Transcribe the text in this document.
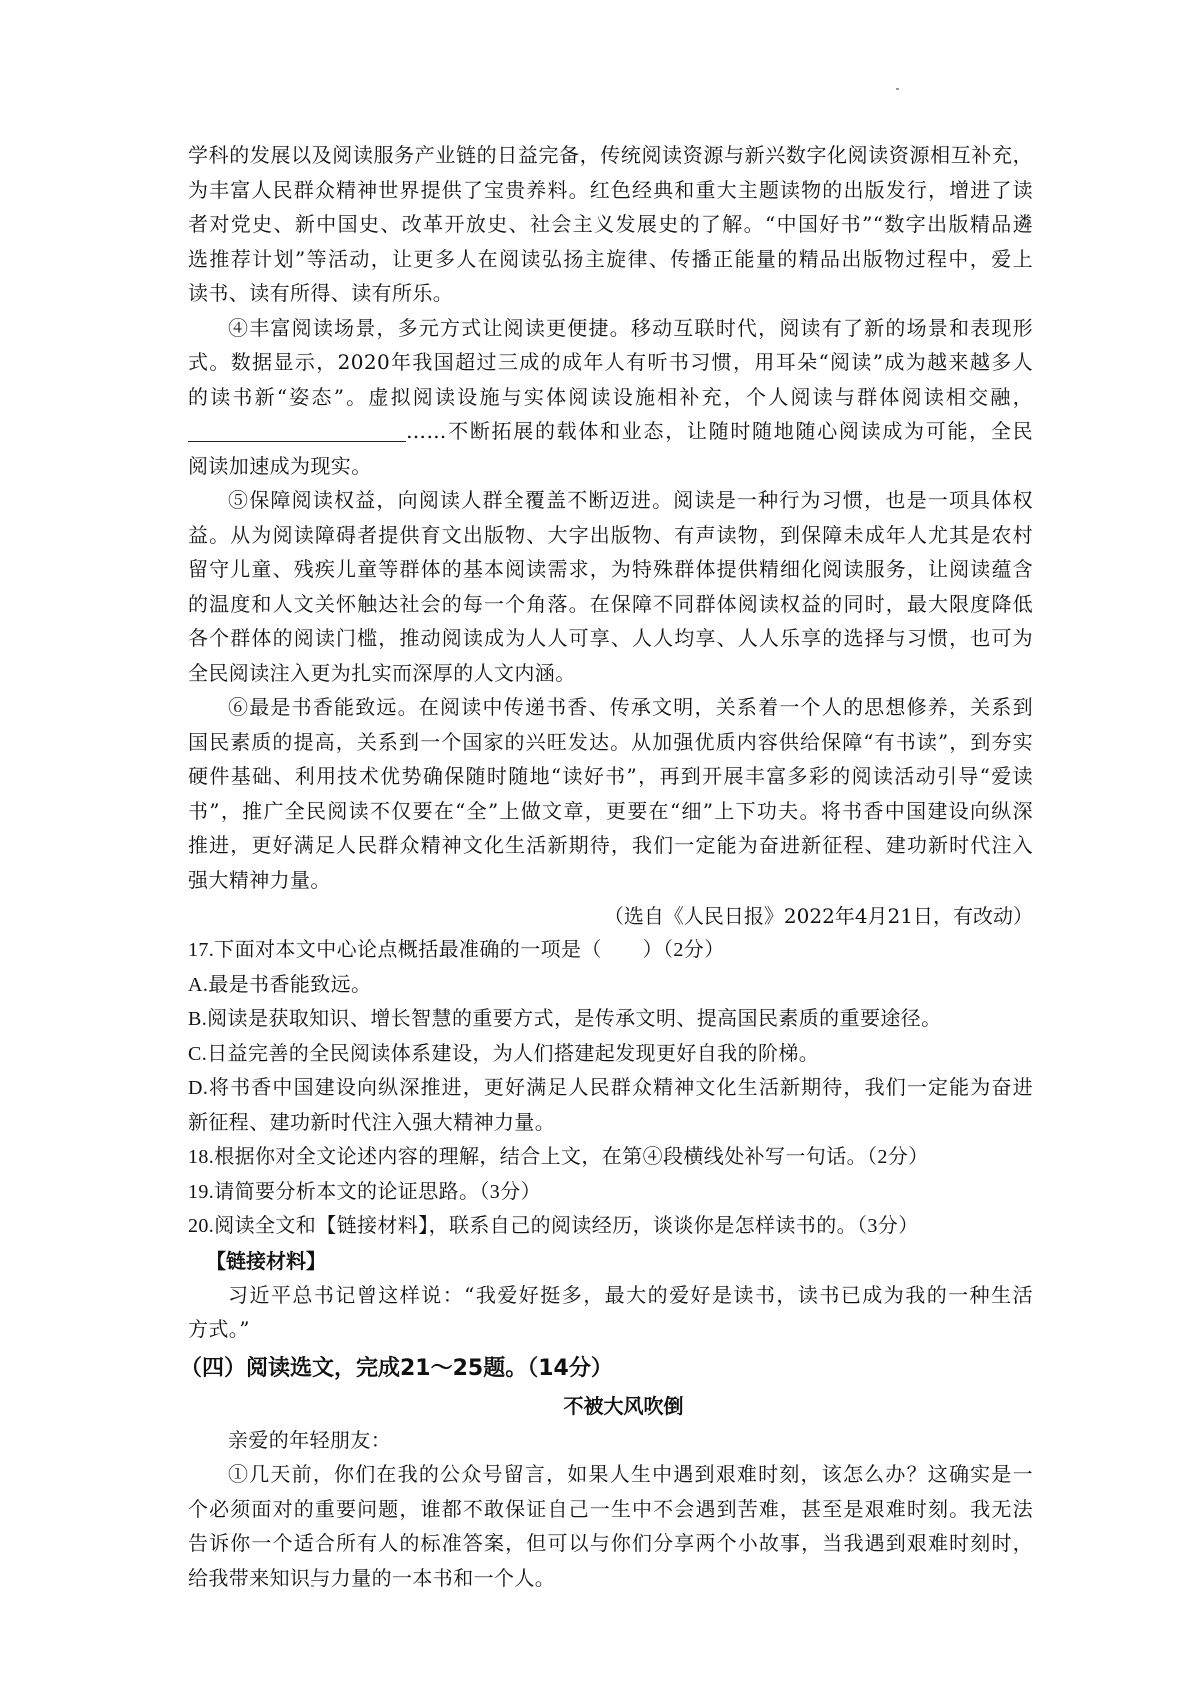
学科的发展以及阅读服务产业链的日益完备，传统阅读资源与新兴数字化阅读资源相互补充，
为丰富人民群众精神世界提供了宝贵养料。红色经典和重大主题读物的出版发行，增进了读
者对党史、新中国史、改革开放史、社会主义发展史的了解。“中国好书”“数字出版精品遴
选推荐计划”等活动，让更多人在阅读弘扬主旋律、传播正能量的精品出版物过程中，爱上
读书、读有所得、读有所乐。
④丰富阅读场景，多元方式让阅读更便捷。移动互联时代，阅读有了新的场景和表现形
式。数据显示，2020年我国超过三成的成年人有听书习惯，用耳朵“阅读”成为越来越多人
的读书新“姿态”。虚拟阅读设施与实体阅读设施相补充，个人阅读与群体阅读相交融，
……不断拓展的载体和业态，让随时随地随心阅读成为可能，全民
阅读加速成为现实。
⑤保障阅读权益，向阅读人群全覆盖不断迈进。阅读是一种行为习惯，也是一项具体权
益。从为阅读障碍者提供育文出版物、大字出版物、有声读物，到保障未成年人尤其是农村
留守儿童、残疾儿童等群体的基本阅读需求，为特殊群体提供精细化阅读服务，让阅读蕴含
的温度和人文关怀触达社会的每一个角落。在保障不同群体阅读权益的同时，最大限度降低
各个群体的阅读门槛，推动阅读成为人人可享、人人均享、人人乐享的选择与习惯，也可为
全民阅读注入更为扎实而深厚的人文内涵。
⑥最是书香能致远。在阅读中传递书香、传承文明，关系着一个人的思想修养，关系到
国民素质的提高，关系到一个国家的兴旺发达。从加强优质内容供给保障“有书读”，到夯实
硬件基础、利用技术优势确保随时随地“读好书”，再到开展丰富多彩的阅读活动引导“爱读
书”，推广全民阅读不仅要在“全”上做文章，更要在“细”上下功夫。将书香中国建设向纵深
推进，更好满足人民群众精神文化生活新期待，我们一定能为奋进新征程、建功新时代注入
强大精神力量。
（选自《人民日报》2022年4月21日，有改动）
17.下面对本文中心论点概括最准确的一项是（　　）（2分）
A.最是书香能致远。
B.阅读是获取知识、增长智慧的重要方式，是传承文明、提高国民素质的重要途径。
C.日益完善的全民阅读体系建设，为人们搭建起发现更好自我的阶梯。
D.将书香中国建设向纵深推进，更好满足人民群众精神文化生活新期待，我们一定能为奋进
新征程、建功新时代注入强大精神力量。
18.根据你对全文论述内容的理解，结合上文，在第④段横线处补写一句话。（2分）
19.请简要分析本文的论证思路。（3分）
20.阅读全文和【链接材料】，联系自己的阅读经历，谈谈你是怎样读书的。（3分）
【链接材料】
习近平总书记曾这样说：“我爱好挺多，最大的爱好是读书，读书已成为我的一种生活
方式。”
（四）阅读选文，完成21～25题。（14分）
不被大风吹倒
亲爱的年轻朋友：
①几天前，你们在我的公众号留言，如果人生中遇到艰难时刻，该怎么办？这确实是一
个必须面对的重要问题，谁都不敢保证自己一生中不会遇到苦难，甚至是艰难时刻。我无法
告诉你一个适合所有人的标准答案，但可以与你们分享两个小故事，当我遇到艰难时刻时，
给我带来知识与力量的一本书和一个人。
